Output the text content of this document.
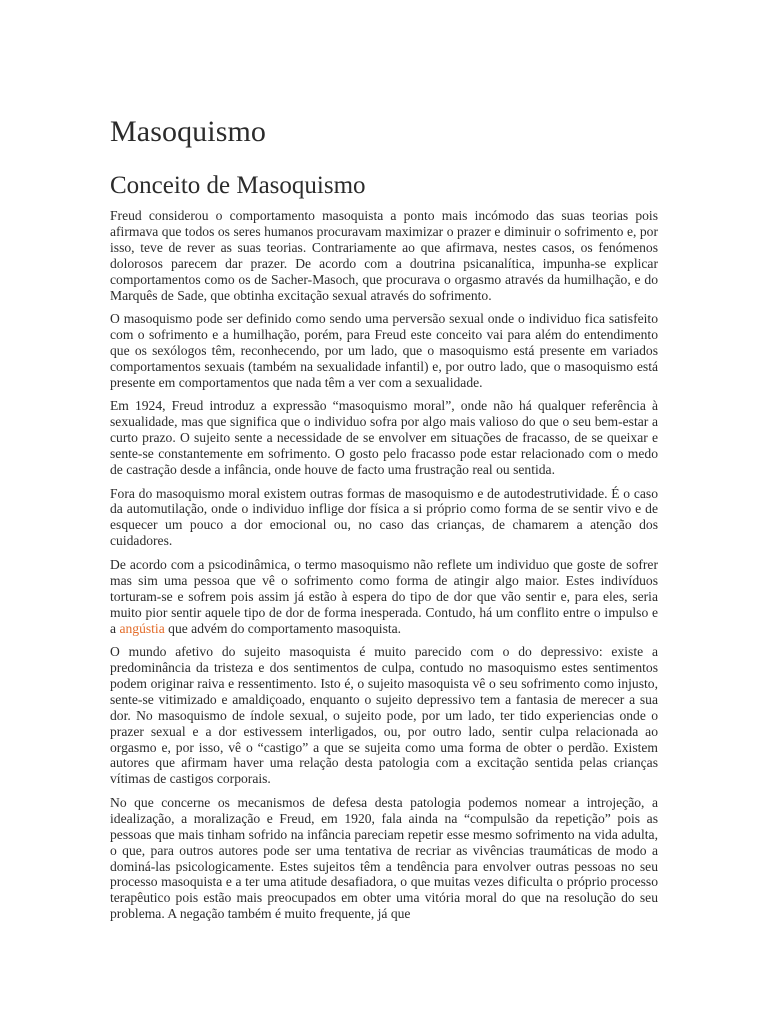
Masoquismo
Conceito de Masoquismo

Freud considerou o comportamento masoquista a ponto mais incómodo das suas teorias pois afirmava que todos os seres humanos procuravam maximizar o prazer e diminuir o sofrimento e, por isso, teve de rever as suas teorias. Contrariamente ao que afirmava, nestes casos, os fenómenos dolorosos parecem dar prazer. De acordo com a doutrina psicanalítica, impunha-se explicar comportamentos como os de Sacher-Masoch, que procurava o orgasmo através da humilhação, e do Marquês de Sade, que obtinha excitação sexual através do sofrimento.

O masoquismo pode ser definido como sendo uma perversão sexual onde o individuo fica satisfeito com o sofrimento e a humilhação, porém, para Freud este conceito vai para além do entendimento que os sexólogos têm, reconhecendo, por um lado, que o masoquismo está presente em variados comportamentos sexuais (também na sexualidade infantil) e, por outro lado, que o masoquismo está presente em comportamentos que nada têm a ver com a sexualidade.

Em 1924, Freud introduz a expressão “masoquismo moral”, onde não há qualquer referência à sexualidade, mas que significa que o individuo sofra por algo mais valioso do que o seu bem-estar a curto prazo. O sujeito sente a necessidade de se envolver em situações de fracasso, de se queixar e sente-se constantemente em sofrimento. O gosto pelo fracasso pode estar relacionado com o medo de castração desde a infância, onde houve de facto uma frustração real ou sentida.

Fora do masoquismo moral existem outras formas de masoquismo e de autodestrutividade. É o caso da automutilação, onde o individuo inflige dor física a si próprio como forma de se sentir vivo e de esquecer um pouco a dor emocional ou, no caso das crianças, de chamarem a atenção dos cuidadores.

De acordo com a psicodinâmica, o termo masoquismo não reflete um individuo que goste de sofrer mas sim uma pessoa que vê o sofrimento como forma de atingir algo maior. Estes indivíduos torturam-se e sofrem pois assim já estão à espera do tipo de dor que vão sentir e, para eles, seria muito pior sentir aquele tipo de dor de forma inesperada. Contudo, há um conflito entre o impulso e a angústia que advém do comportamento masoquista.

O mundo afetivo do sujeito masoquista é muito parecido com o do depressivo: existe a predominância da tristeza e dos sentimentos de culpa, contudo no masoquismo estes sentimentos podem originar raiva e ressentimento. Isto é, o sujeito masoquista vê o seu sofrimento como injusto, sente-se vitimizado e amaldiçoado, enquanto o sujeito depressivo tem a fantasia de merecer a sua dor. No masoquismo de índole sexual, o sujeito pode, por um lado, ter tido experiencias onde o prazer sexual e a dor estivessem interligados, ou, por outro lado, sentir culpa relacionada ao orgasmo e, por isso, vê o “castigo” a que se sujeita como uma forma de obter o perdão. Existem autores que afirmam haver uma relação desta patologia com a excitação sentida pelas crianças vítimas de castigos corporais.

No que concerne os mecanismos de defesa desta patologia podemos nomear a introjeção, a idealização, a moralização e Freud, em 1920, fala ainda na “compulsão da repetição” pois as pessoas que mais tinham sofrido na infância pareciam repetir esse mesmo sofrimento na vida adulta, o que, para outros autores pode ser uma tentativa de recriar as vivências traumáticas de modo a dominá-las psicologicamente. Estes sujeitos têm a tendência para envolver outras pessoas no seu processo masoquista e a ter uma atitude desafiadora, o que muitas vezes dificulta o próprio processo terapêutico pois estão mais preocupados em obter uma vitória moral do que na resolução do seu problema. A negação também é muito frequente, já que
